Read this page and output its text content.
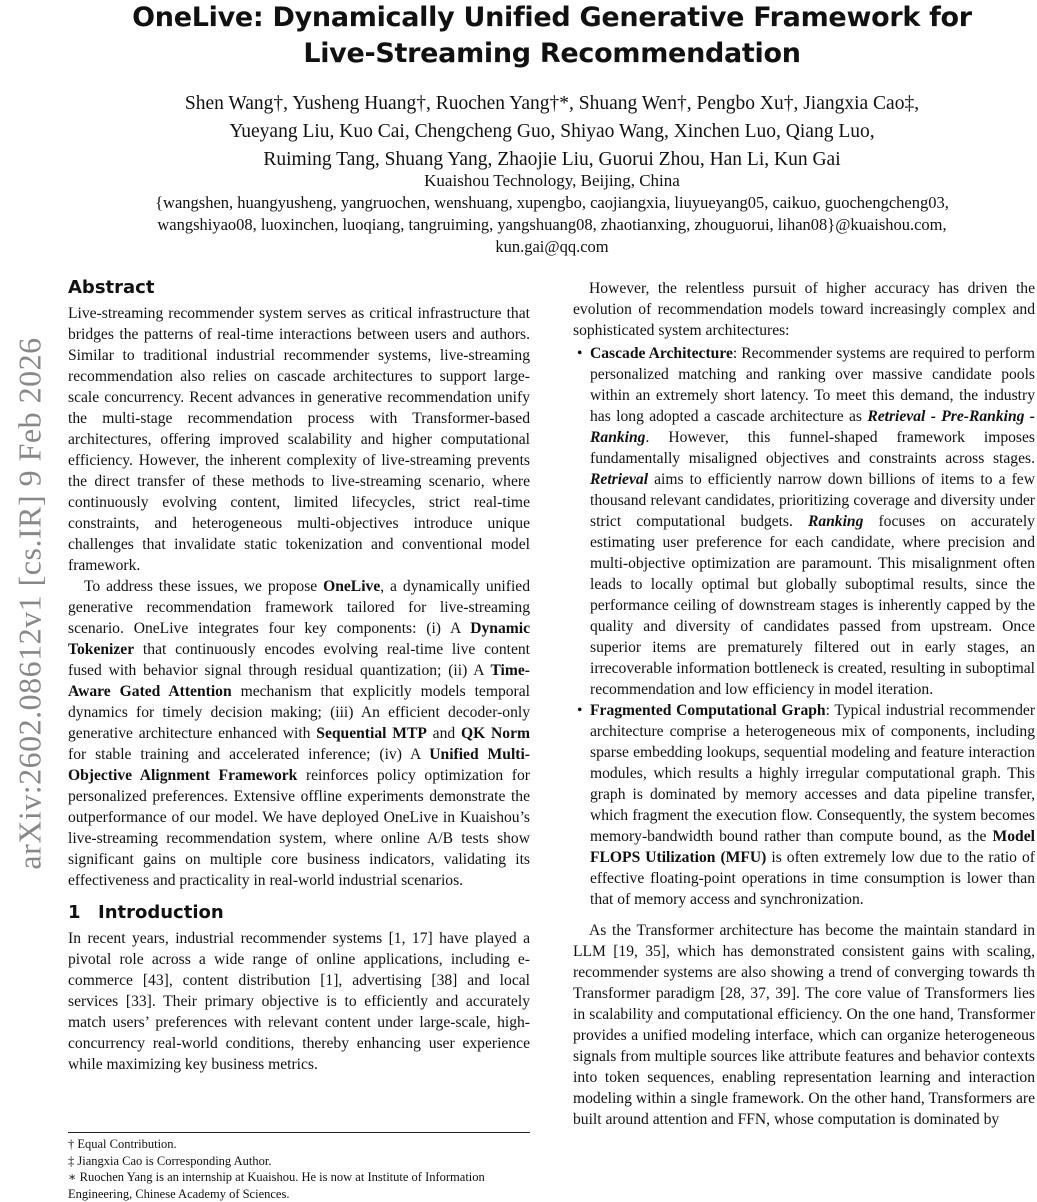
OneLive: Dynamically Unified Generative Framework for
Live-Streaming Recommendation
Shen Wang†, Yusheng Huang†, Ruochen Yang†*, Shuang Wen†, Pengbo Xu†, Jiangxia Cao‡,
Yueyang Liu, Kuo Cai, Chengcheng Guo, Shiyao Wang, Xinchen Luo, Qiang Luo,
Ruiming Tang, Shuang Yang, Zhaojie Liu, Guorui Zhou, Han Li, Kun Gai
Kuaishou Technology, Beijing, China
{wangshen, huangyusheng, yangruochen, wenshuang, xupengbo, caojiangxia, liuyueyang05, caikuo, guochengcheng03,
wangshiyao08, luoxinchen, luoqiang, tangruiming, yangshuang08, zhaotianxing, zhouguorui, lihan08}@kuaishou.com,
kun.gai@qq.com
arXiv:2602.08612v1 [cs.IR] 9 Feb 2026
Abstract

Live-streaming recommender system serves as critical infrastructure that bridges the patterns of real-time interactions between users and authors. Similar to traditional industrial recommender systems, live-streaming recommendation also relies on cascade architectures to support large-scale concurrency. Recent advances in generative recommendation unify the multi-stage recommendation process with Transformer-based architectures, offering improved scalability and higher computational efficiency. However, the inherent complexity of live-streaming prevents the direct transfer of these methods to live-streaming scenario, where continuously evolving content, limited lifecycles, strict real-time constraints, and heterogeneous multi-objectives introduce unique challenges that invalidate static tokenization and conventional model framework.

To address these issues, we propose OneLive, a dynamically unified generative recommendation framework tailored for live-streaming scenario. OneLive integrates four key components: (i) A Dynamic Tokenizer that continuously encodes evolving real-time live content fused with behavior signal through residual quantization; (ii) A Time-Aware Gated Attention mechanism that explicitly models temporal dynamics for timely decision making; (iii) An efficient decoder-only generative architecture enhanced with Sequential MTP and QK Norm for stable training and accelerated inference; (iv) A Unified Multi-Objective Alignment Framework reinforces policy optimization for personalized preferences. Extensive offline experiments demonstrate the outperformance of our model. We have deployed OneLive in Kuaishou’s live-streaming recommendation system, where online A/B tests show significant gains on multiple core business indicators, validating its effectiveness and practicality in real-world industrial scenarios.

1 Introduction

In recent years, industrial recommender systems [1, 17] have played a pivotal role across a wide range of online applications, including e-commerce [43], content distribution [1], advertising [38] and local services [33]. Their primary objective is to efficiently and accurately match users’ preferences with relevant content under large-scale, high-concurrency real-world conditions, thereby enhancing user experience while maximizing key business metrics.

However, the relentless pursuit of higher accuracy has driven the evolution of recommendation models toward increasingly complex and sophisticated system architectures:

• Cascade Architecture: Recommender systems are required to perform personalized matching and ranking over massive candidate pools within an extremely short latency. To meet this demand, the industry has long adopted a cascade architecture as Retrieval - Pre-Ranking - Ranking. However, this funnel-shaped framework imposes fundamentally misaligned objectives and constraints across stages. Retrieval aims to efficiently narrow down billions of items to a few thousand relevant candidates, prioritizing coverage and diversity under strict computational budgets. Ranking focuses on accurately estimating user preference for each candidate, where precision and multi-objective optimization are paramount. This misalignment often leads to locally optimal but globally suboptimal results, since the performance ceiling of downstream stages is inherently capped by the quality and diversity of candidates passed from upstream. Once superior items are prematurely filtered out in early stages, an irrecoverable information bottleneck is created, resulting in suboptimal recommendation and low efficiency in model iteration.
• Fragmented Computational Graph: Typical industrial recommender architecture comprise a heterogeneous mix of components, including sparse embedding lookups, sequential modeling and feature interaction modules, which results a highly irregular computational graph. This graph is dominated by memory accesses and data pipeline transfer, which fragment the execution flow. Consequently, the system becomes memory-bandwidth bound rather than compute bound, as the Model FLOPS Utilization (MFU) is often extremely low due to the ratio of effective floating-point operations in time consumption is lower than that of memory access and synchronization.

As the Transformer architecture has become the maintain standard in LLM [19, 35], which has demonstrated consistent gains with scaling, recommender systems are also showing a trend of converging towards th Transformer paradigm [28, 37, 39]. The core value of Transformers lies in scalability and computational efficiency. On the one hand, Transformer provides a unified modeling interface, which can organize heterogeneous signals from multiple sources like attribute features and behavior contexts into token sequences, enabling representation learning and interaction modeling within a single framework. On the other hand, Transformers are built around attention and FFN, whose computation is dominated by

† Equal Contribution.
‡ Jiangxia Cao is Corresponding Author.
∗ Ruochen Yang is an internship at Kuaishou. He is now at Institute of Information Engineering, Chinese Academy of Sciences.
